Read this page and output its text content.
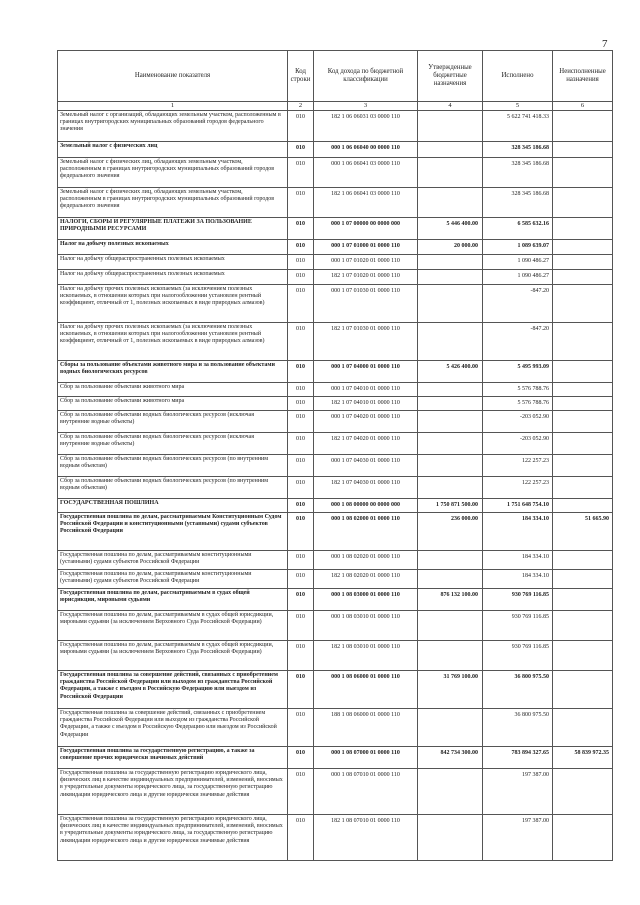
7
Наименование показателя	Код строки	Код дохода по бюджетной классификации	Утвержденные бюджетные назначения	Исполнено	Неисполненные назначения
1	2	3	4	5	6
Земельный налог с организаций, обладающих земельным участком, расположенным в границах внутригородских муниципальных образований городов федерального значения	010	182 1 06 06031 03 0000 110		5 622 741 418.33	
Земельный налог с физических лиц	010	000 1 06 06040 00 0000 110		328 345 186.68	
Земельный налог с физических лиц, обладающих земельным участком, расположенным в границах внутригородских муниципальных образований городов федерального значения	010	000 1 06 06041 03 0000 110		328 345 186.68	
Земельный налог с физических лиц, обладающих земельным участком, расположенным в границах внутригородских муниципальных образований городов федерального значения	010	182 1 06 06041 03 0000 110		328 345 186.68	
НАЛОГИ, СБОРЫ И РЕГУЛЯРНЫЕ ПЛАТЕЖИ ЗА ПОЛЬЗОВАНИЕ ПРИРОДНЫМИ РЕСУРСАМИ	010	000 1 07 00000 00 0000 000	5 446 400.00	6 585 632.16	
Налог на добычу полезных ископаемых	010	000 1 07 01000 01 0000 110	20 000.00	1 089 639.07	
Налог на добычу общераспространенных полезных ископаемых	010	000 1 07 01020 01 0000 110		1 090 486.27	
Налог на добычу общераспространенных полезных ископаемых	010	182 1 07 01020 01 0000 110		1 090 486.27	
Налог на добычу прочих полезных ископаемых (за исключением полезных ископаемых, в отношении которых при налогообложении установлен рентный коэффициент, отличный от 1, полезных ископаемых в виде природных алмазов)	010	000 1 07 01030 01 0000 110		-847.20	
Налог на добычу прочих полезных ископаемых (за исключением полезных ископаемых, в отношении которых при налогообложении установлен рентный коэффициент, отличный от 1, полезных ископаемых в виде природных алмазов)	010	182 1 07 01030 01 0000 110		-847.20	
Сборы за пользование объектами животного мира и за пользование объектами водных биологических ресурсов	010	000 1 07 04000 01 0000 110	5 426 400.00	5 495 993.09	
Сбор за пользование объектами животного мира	010	000 1 07 04010 01 0000 110		5 576 788.76	
Сбор за пользование объектами животного мира	010	182 1 07 04010 01 0000 110		5 576 788.76	
Сбор за пользование объектами водных биологических ресурсов (исключая внутренние водные объекты)	010	000 1 07 04020 01 0000 110		-203 052.90	
Сбор за пользование объектами водных биологических ресурсов (исключая внутренние водные объекты)	010	182 1 07 04020 01 0000 110		-203 052.90	
Сбор за пользование объектами водных биологических ресурсов (по внутренним водным объектам)	010	000 1 07 04030 01 0000 110		122 257.23	
Сбор за пользование объектами водных биологических ресурсов (по внутренним водным объектам)	010	182 1 07 04030 01 0000 110		122 257.23	
ГОСУДАРСТВЕННАЯ ПОШЛИНА	010	000 1 08 00000 00 0000 000	1 750 871 500.00	1 751 648 754.10	
Государственная пошлина по делам, рассматриваемым Конституционным Судом Российской Федерации и конституционными (уставными) судами субъектов Российской Федерации	010	000 1 08 02000 01 0000 110	236 000.00	184 334.10	51 665.90
Государственная пошлина по делам, рассматриваемым конституционными (уставными) судами субъектов Российской Федерации	010	000 1 08 02020 01 0000 110		184 334.10	
Государственная пошлина по делам, рассматриваемым конституционными (уставными) судами субъектов Российской Федерации	010	182 1 08 02020 01 0000 110		184 334.10	
Государственная пошлина по делам, рассматриваемым в судах общей юрисдикции, мировыми судьями	010	000 1 08 03000 01 0000 110	876 132 100.00	930 769 116.85	
Государственная пошлина по делам, рассматриваемым в судах общей юрисдикции, мировыми судьями (за исключением Верховного Суда Российской Федерации)	010	000 1 08 03010 01 0000 110		930 769 116.85	
Государственная пошлина по делам, рассматриваемым в судах общей юрисдикции, мировыми судьями (за исключением Верховного Суда Российской Федерации)	010	182 1 08 03010 01 0000 110		930 769 116.85	
Государственная пошлина за совершение действий, связанных с приобретением гражданства Российской Федерации или выходом из гражданства Российской Федерации, а также с въездом в Российскую Федерацию или выездом из Российской Федерации	010	000 1 08 06000 01 0000 110	31 769 100.00	36 800 975.50	
Государственная пошлина за совершение действий, связанных с приобретением гражданства Российской Федерации или выходом из гражданства Российской Федерации, а также с въездом в Российскую Федерацию или выездом из Российской Федерации	010	188 1 08 06000 01 0000 110		36 800 975.50	
Государственная пошлина за государственную регистрацию, а также за совершение прочих юридически значимых действий	010	000 1 08 07000 01 0000 110	842 734 300.00	783 894 327.65	58 839 972.35
Государственная пошлина за государственную регистрацию юридического лица, физических лиц в качестве индивидуальных предпринимателей, изменений, вносимых в учредительные документы юридического лица, за государственную регистрацию ликвидации юридического лица и другие юридически значимые действия	010	000 1 08 07010 01 0000 110		197 387.00	
Государственная пошлина за государственную регистрацию юридического лица, физических лиц в качестве индивидуальных предпринимателей, изменений, вносимых в учредительные документы юридического лица, за государственную регистрацию ликвидации юридического лица и другие юридически значимые действия	010	182 1 08 07010 01 0000 110		197 387.00	
